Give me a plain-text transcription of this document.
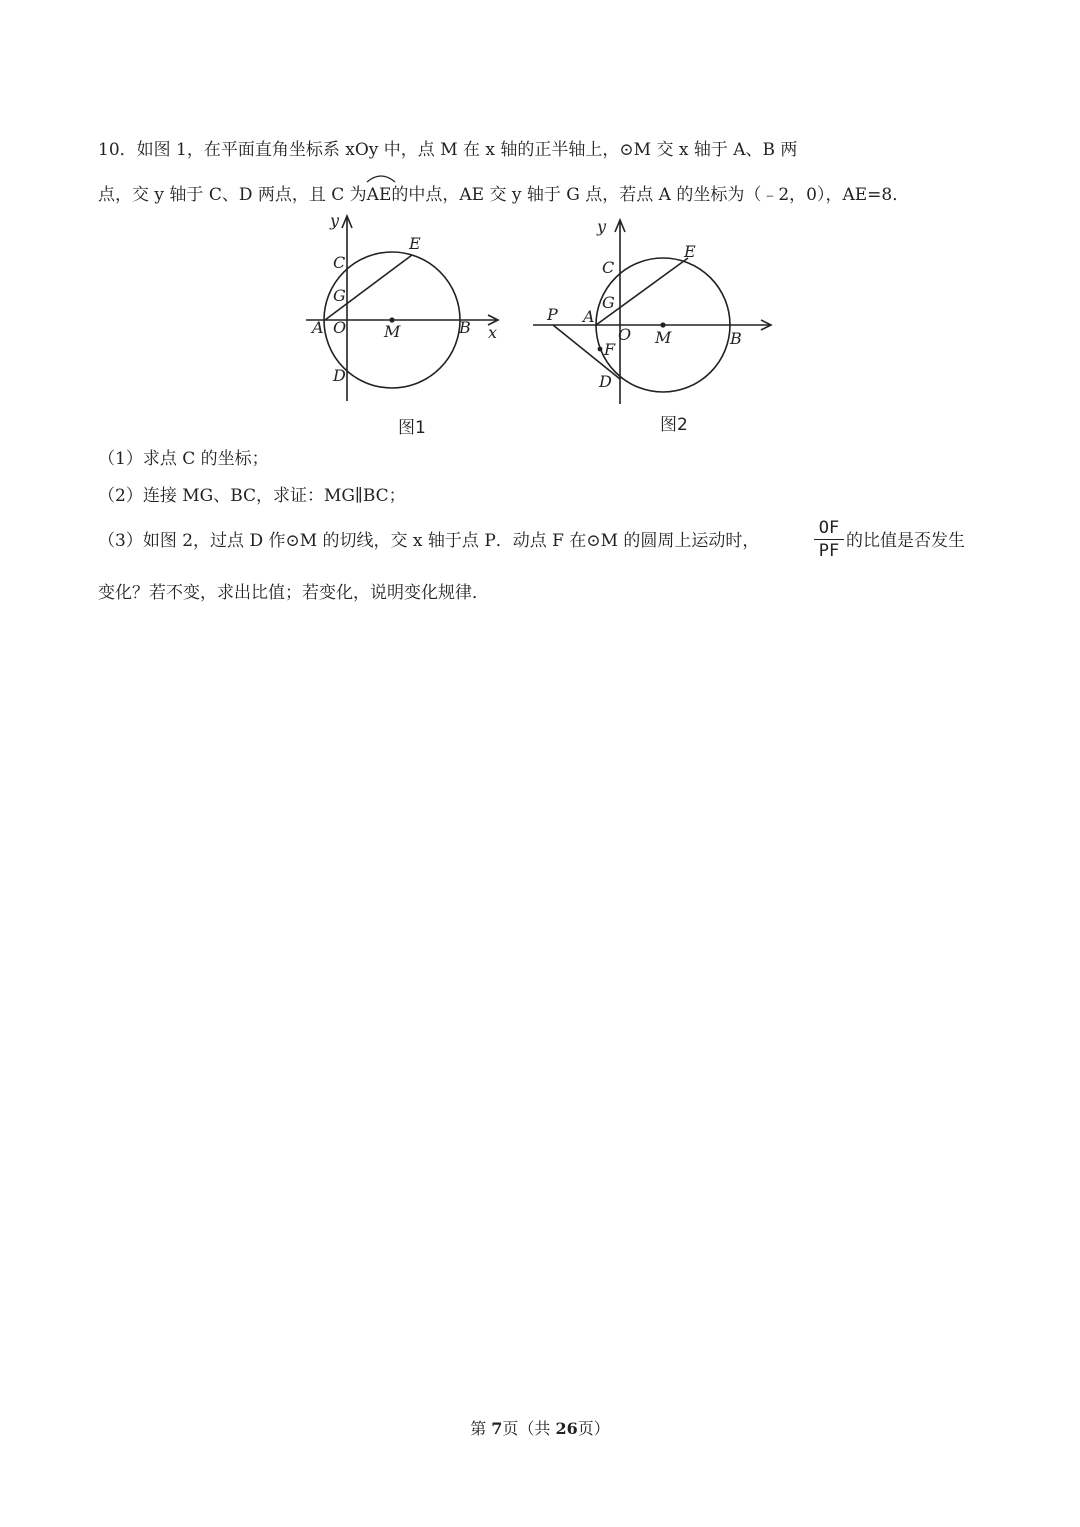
10．如图 1，在平面直角坐标系 xOy 中，点 M 在 x 轴的正半轴上，⊙M 交 x 轴于 A、B 两
点，交 y 轴于 C、D 两点，且 C 为
AE的中点，AE 交 y 轴于 G 点，若点 A 的坐标为（﹣2，0），AE=8．
y
x
C
E
G
A O M	B
D
图1
y
C
E
G
P A
O M	B
F
D
图2
（1）求点 C 的坐标；
（2）连接 MG、BC，求证：MG∥BC；
（3）如图 2，过点 D 作⊙M 的切线，交 x 轴于点 P．动点 F 在⊙M 的圆周上运动时，
OF
PF 的比值是否发生
变化？若不变，求出比值；若变化，说明变化规律．
第 7页（共 26页）
